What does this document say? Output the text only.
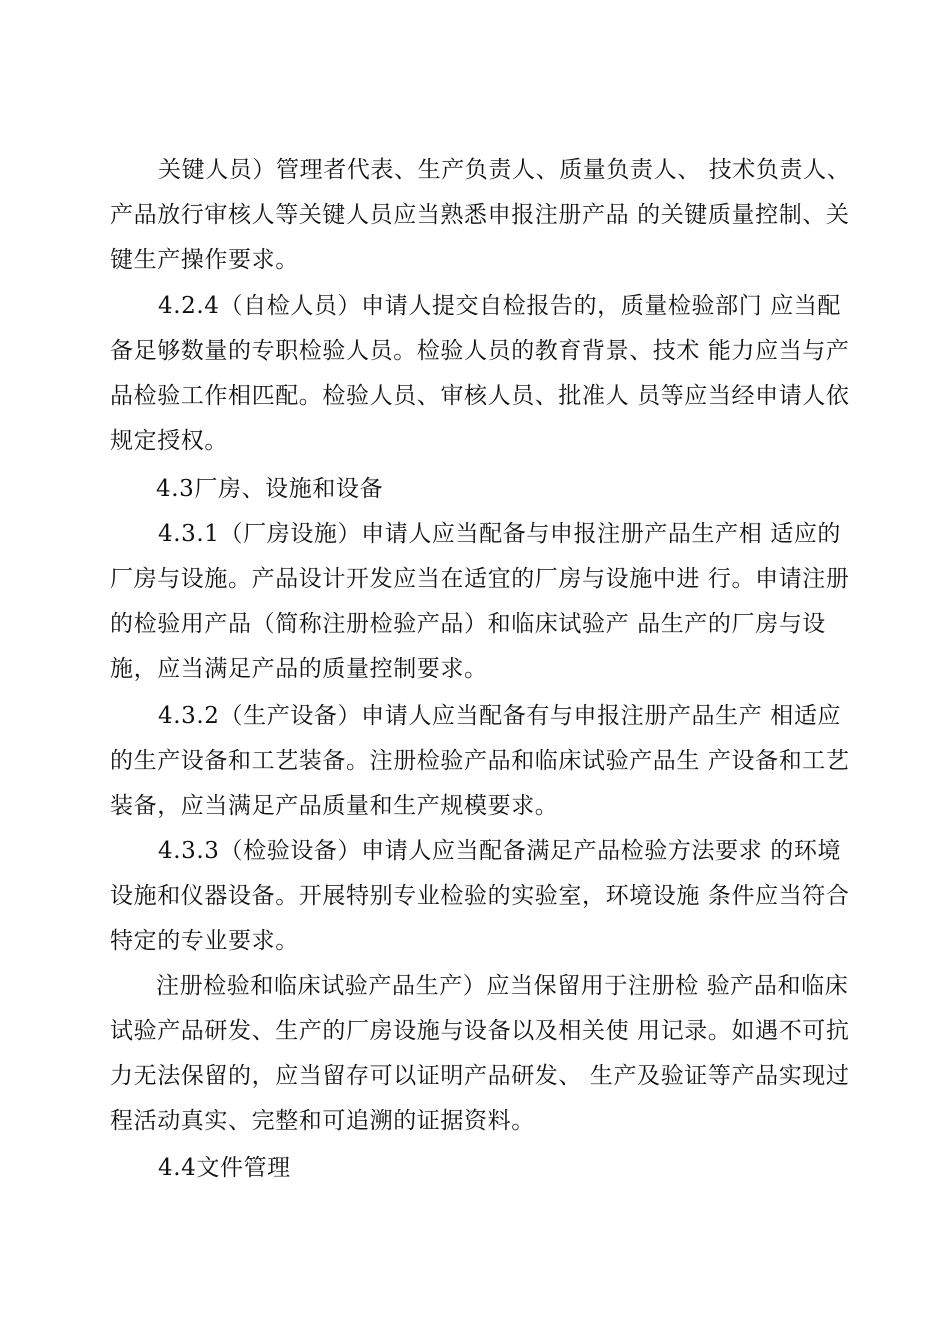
关键人员）管理者代表、生产负责人、质量负责人、 技术负责人、
产品放行审核人等关键人员应当熟悉申报注册产品 的关键质量控制、关
键生产操作要求。
4.2.4（自检人员）申请人提交自检报告的，质量检验部门 应当配
备足够数量的专职检验人员。检验人员的教育背景、技术 能力应当与产
品检验工作相匹配。检验人员、审核人员、批准人 员等应当经申请人依
规定授权。
4.3厂房、设施和设备
4.3.1（厂房设施）申请人应当配备与申报注册产品生产相 适应的
厂房与设施。产品设计开发应当在适宜的厂房与设施中进 行。申请注册
的检验用产品（简称注册检验产品）和临床试验产 品生产的厂房与设
施，应当满足产品的质量控制要求。
4.3.2（生产设备）申请人应当配备有与申报注册产品生产 相适应
的生产设备和工艺装备。注册检验产品和临床试验产品生 产设备和工艺
装备，应当满足产品质量和生产规模要求。
4.3.3（检验设备）申请人应当配备满足产品检验方法要求 的环境
设施和仪器设备。开展特别专业检验的实验室，环境设施 条件应当符合
特定的专业要求。
注册检验和临床试验产品生产）应当保留用于注册检 验产品和临床
试验产品研发、生产的厂房设施与设备以及相关使 用记录。如遇不可抗
力无法保留的，应当留存可以证明产品研发、 生产及验证等产品实现过
程活动真实、完整和可追溯的证据资料。
4.4文件管理
